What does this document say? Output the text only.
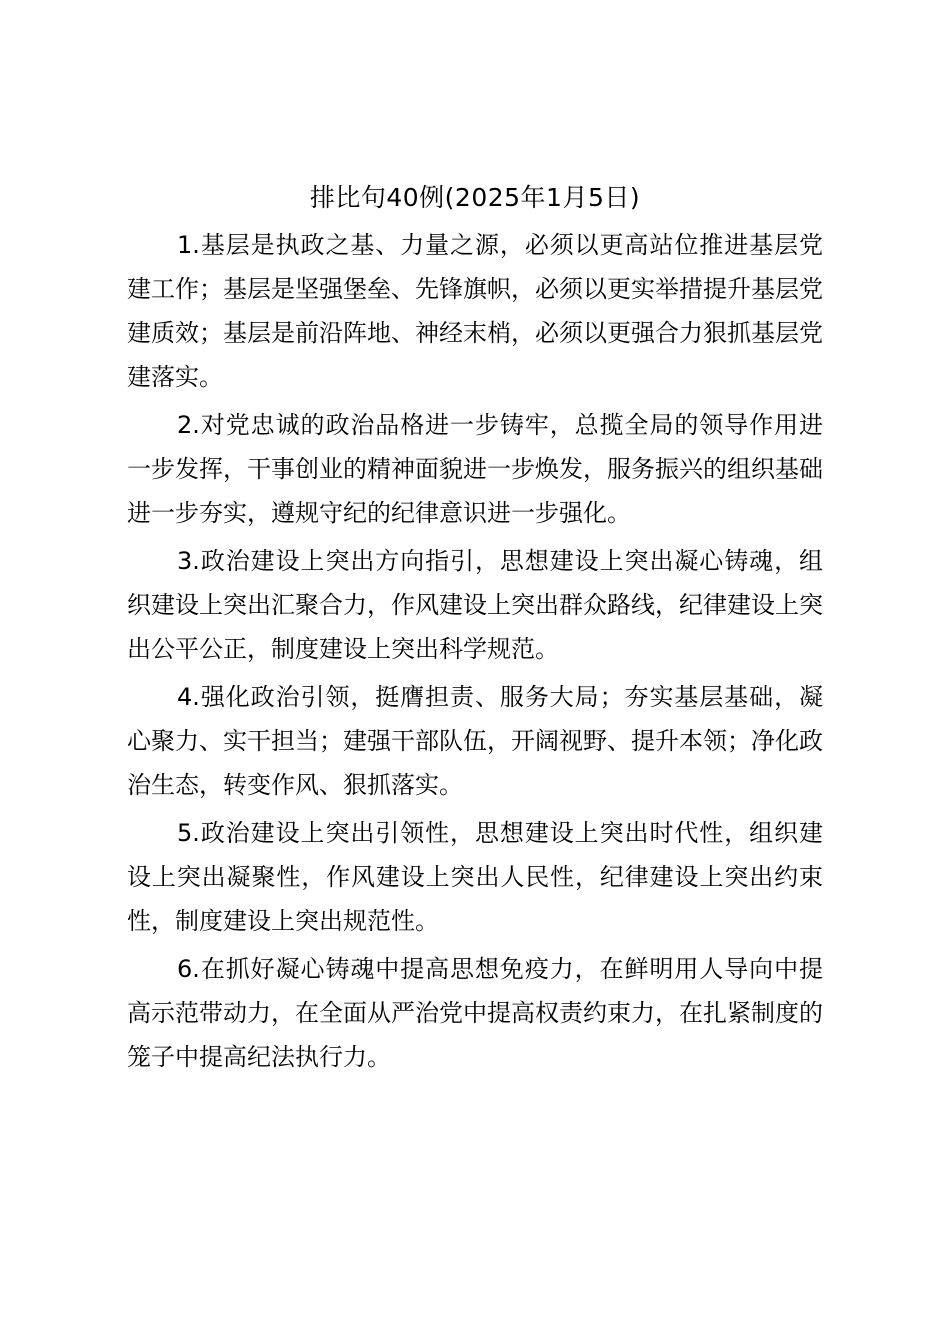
排比句40例(2025年1月5日)

1.基层是执政之基、力量之源，必须以更高站位推进基层党建工作；基层是坚强堡垒、先锋旗帜，必须以更实举措提升基层党建质效；基层是前沿阵地、神经末梢，必须以更强合力狠抓基层党建落实。

2.对党忠诚的政治品格进一步铸牢，总揽全局的领导作用进一步发挥，干事创业的精神面貌进一步焕发，服务振兴的组织基础进一步夯实，遵规守纪的纪律意识进一步强化。

3.政治建设上突出方向指引，思想建设上突出凝心铸魂，组织建设上突出汇聚合力，作风建设上突出群众路线，纪律建设上突出公平公正，制度建设上突出科学规范。

4.强化政治引领，挺膺担责、服务大局；夯实基层基础，凝心聚力、实干担当；建强干部队伍，开阔视野、提升本领；净化政治生态，转变作风、狠抓落实。

5.政治建设上突出引领性，思想建设上突出时代性，组织建设上突出凝聚性，作风建设上突出人民性，纪律建设上突出约束性，制度建设上突出规范性。

6.在抓好凝心铸魂中提高思想免疫力，在鲜明用人导向中提高示范带动力，在全面从严治党中提高权责约束力，在扎紧制度的笼子中提高纪法执行力。
